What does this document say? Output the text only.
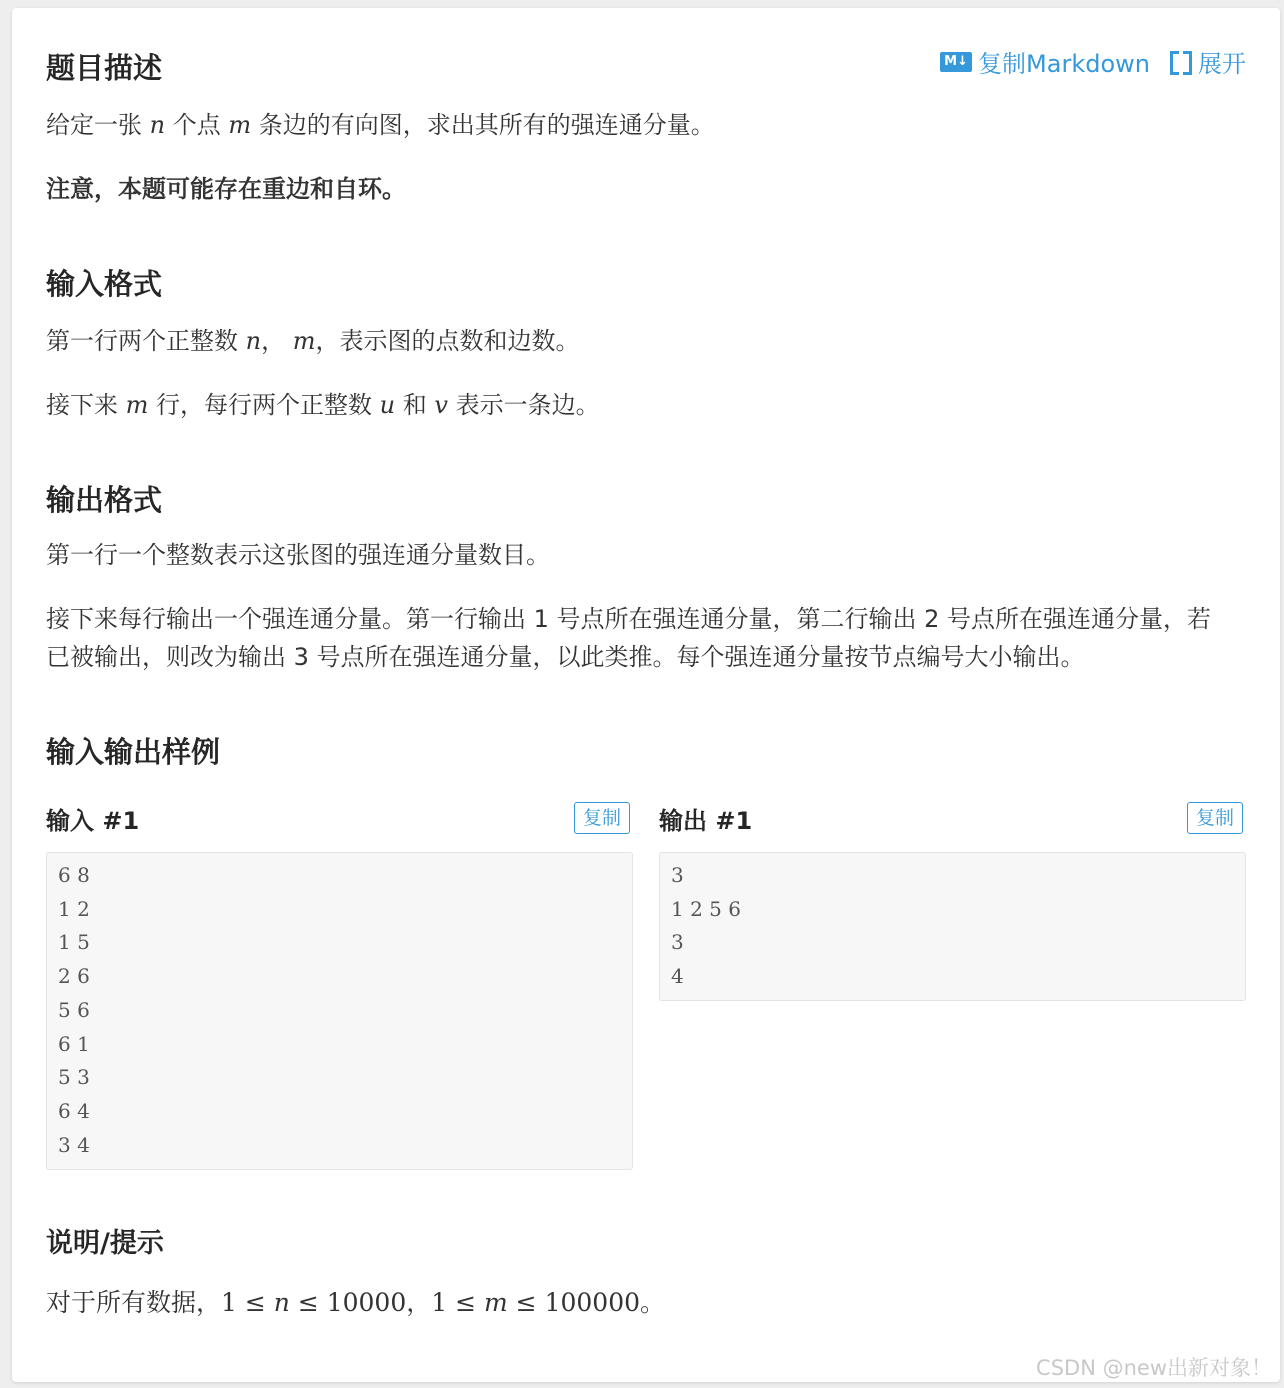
题目描述	M↓ 复制Markdown 展开

给定一张 n 个点 m 条边的有向图，求出其所有的强连通分量。

注意，本题可能存在重边和自环。

输入格式

第一行两个正整数 n， m，表示图的点数和边数。

接下来 m 行，每行两个正整数 u 和 v 表示一条边。

输出格式

第一行一个整数表示这张图的强连通分量数目。

接下来每行输出一个强连通分量。第一行输出 1 号点所在强连通分量，第二行输出 2 号点所在强连通分量，若已被输出，则改为输出 3 号点所在强连通分量，以此类推。每个强连通分量按节点编号大小输出。

输入输出样例
输入 #1	复制
6 8
1 2
1 5
2 6
5 6
6 1
5 3
6 4
3 4
输出 #1	复制
3
1 2 5 6
3
4
说明/提示

对于所有数据，1 ≤ n ≤ 10000，1 ≤ m ≤ 100000。

CSDN @new出新对象！
